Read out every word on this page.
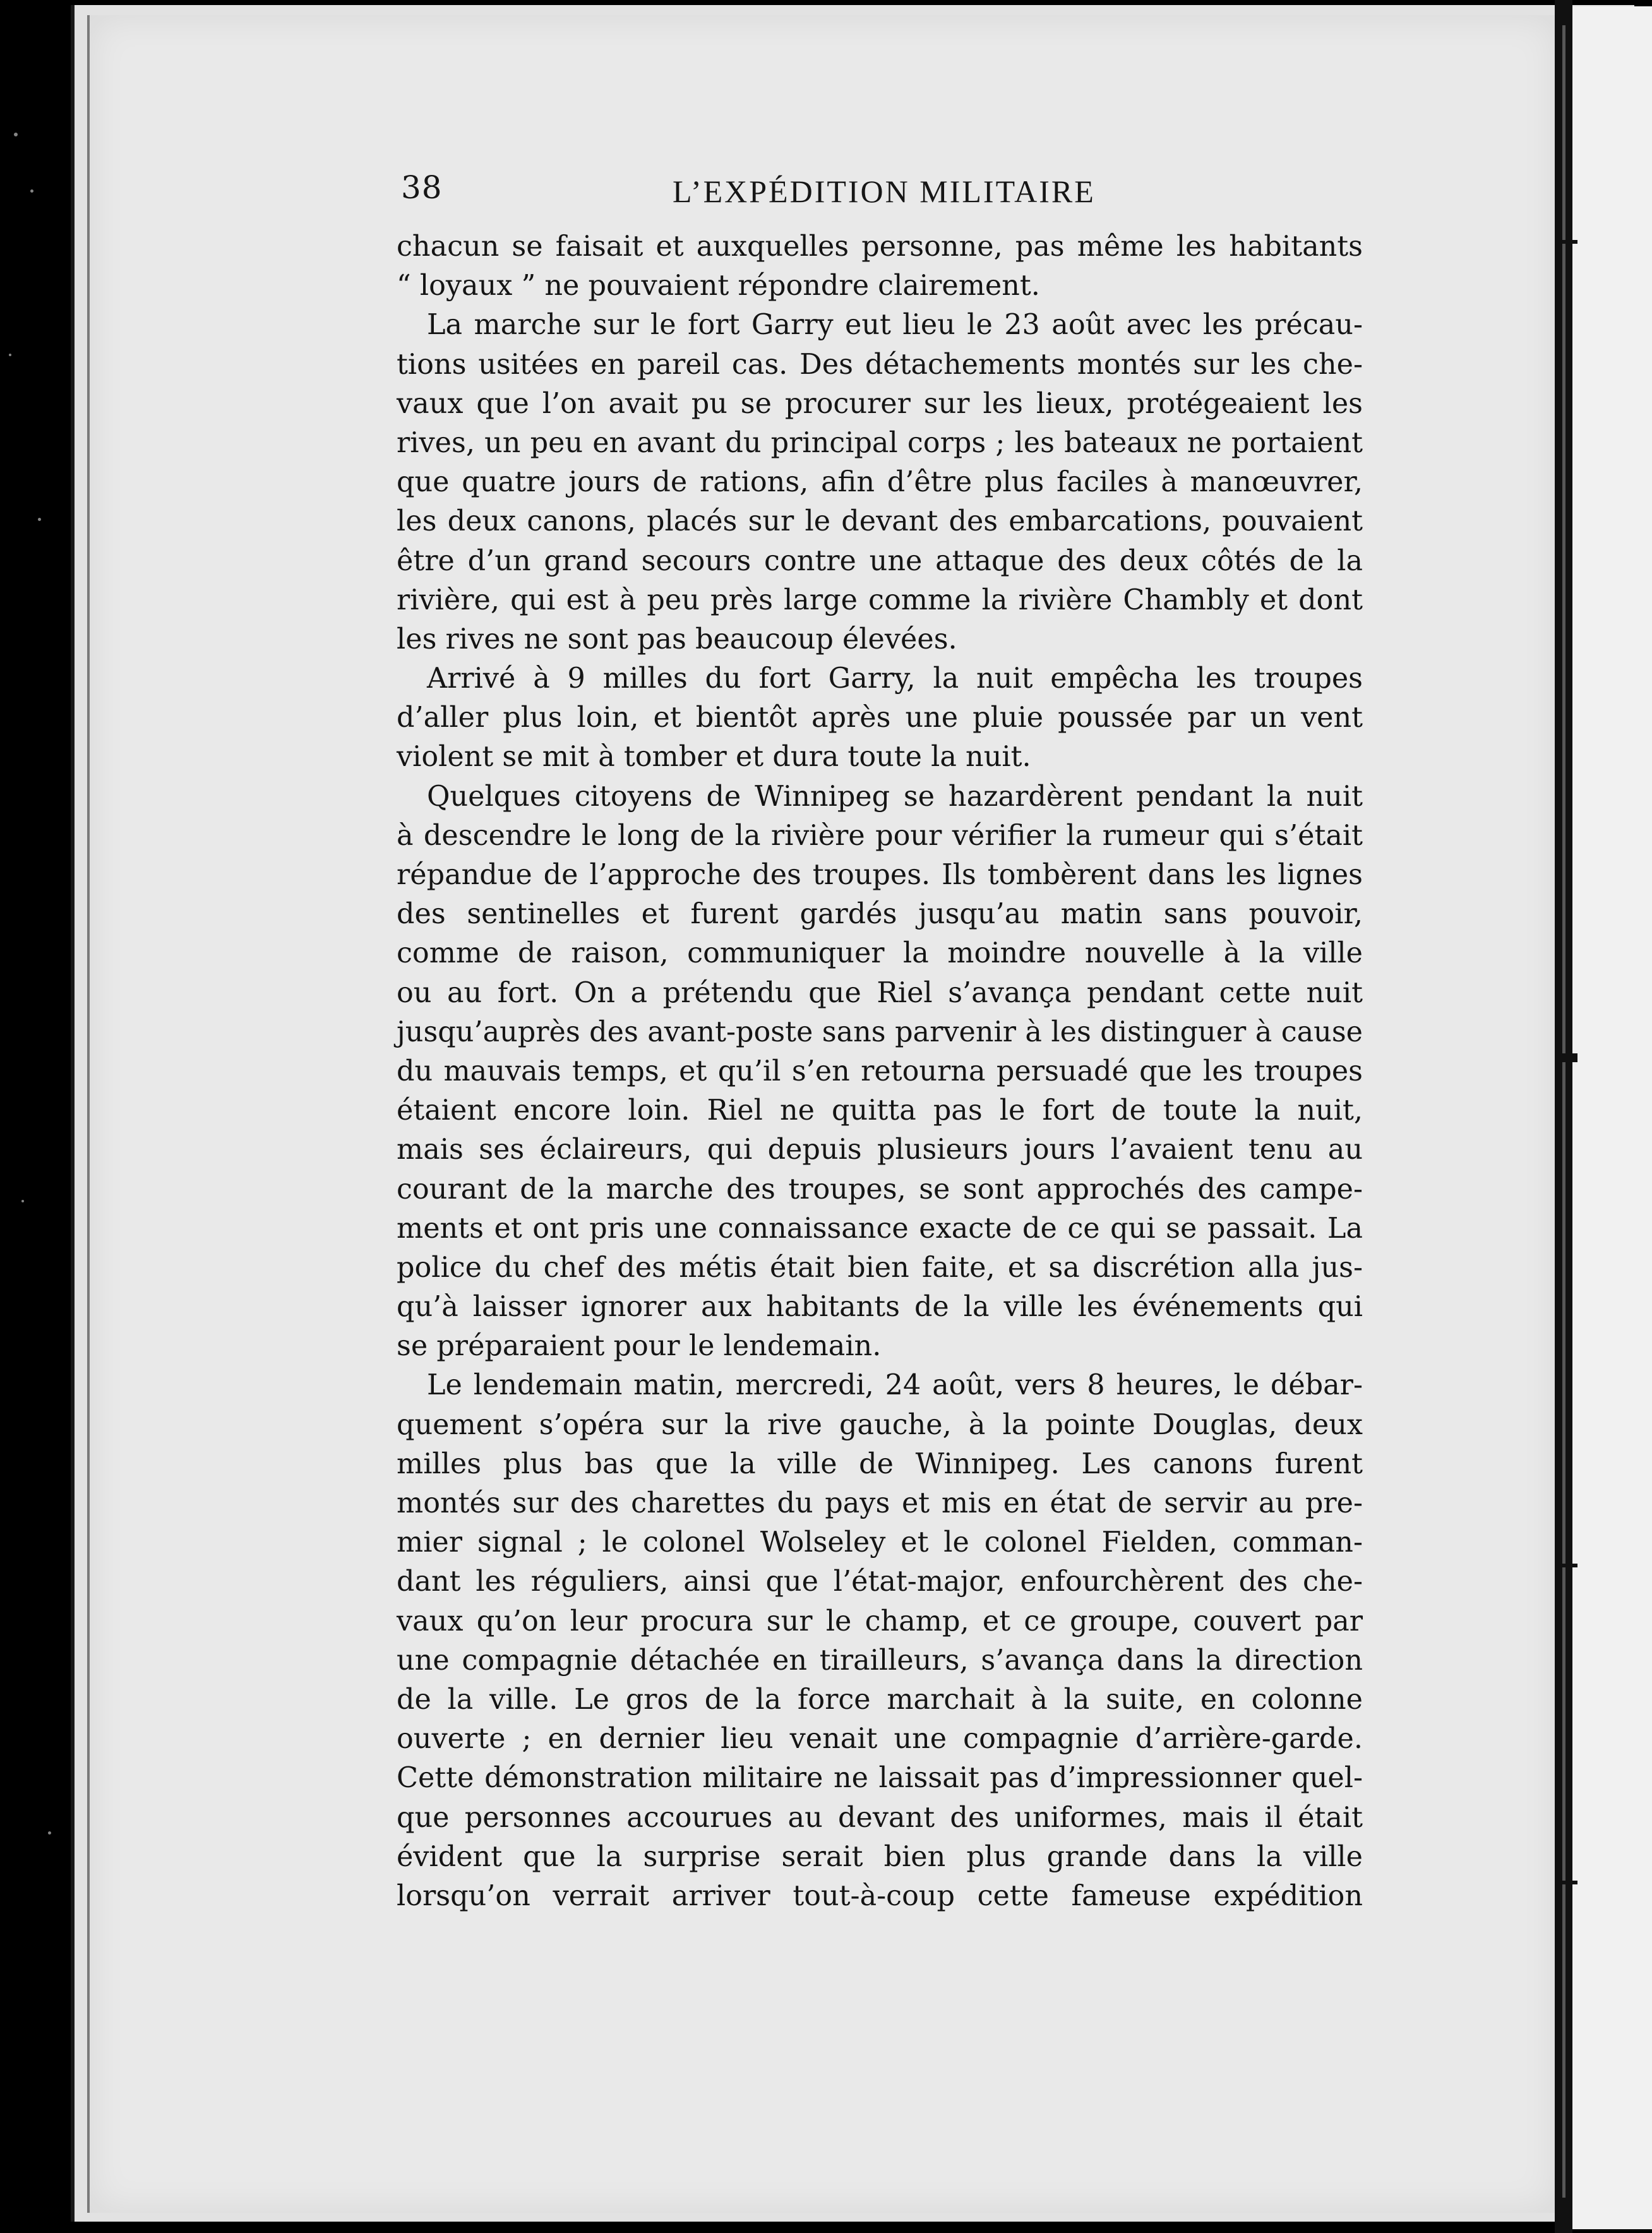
38	L’EXPÉDITION MILITAIRE
chacun se faisait et auxquelles personne, pas même les habitants
“ loyaux ” ne pouvaient répondre clairement.
La marche sur le fort Garry eut lieu le 23 août avec les précau-
tions usitées en pareil cas. Des détachements montés sur les che-
vaux que l’on avait pu se procurer sur les lieux, protégeaient les
rives, un peu en avant du principal corps ; les bateaux ne portaient
que quatre jours de rations, afin d’être plus faciles à manœuvrer,
les deux canons, placés sur le devant des embarcations, pouvaient
être d’un grand secours contre une attaque des deux côtés de la
rivière, qui est à peu près large comme la rivière Chambly et dont
les rives ne sont pas beaucoup élevées.
Arrivé à 9 milles du fort Garry, la nuit empêcha les troupes
d’aller plus loin, et bientôt après une pluie poussée par un vent
violent se mit à tomber et dura toute la nuit.
Quelques citoyens de Winnipeg se hazardèrent pendant la nuit
à descendre le long de la rivière pour vérifier la rumeur qui s’était
répandue de l’approche des troupes. Ils tombèrent dans les lignes
des sentinelles et furent gardés jusqu’au matin sans pouvoir,
comme de raison, communiquer la moindre nouvelle à la ville
ou au fort. On a prétendu que Riel s’avança pendant cette nuit
jusqu’auprès des avant-poste sans parvenir à les distinguer à cause
du mauvais temps, et qu’il s’en retourna persuadé que les troupes
étaient encore loin. Riel ne quitta pas le fort de toute la nuit,
mais ses éclaireurs, qui depuis plusieurs jours l’avaient tenu au
courant de la marche des troupes, se sont approchés des campe-
ments et ont pris une connaissance exacte de ce qui se passait. La
police du chef des métis était bien faite, et sa discrétion alla jus-
qu’à laisser ignorer aux habitants de la ville les événements qui
se préparaient pour le lendemain.
Le lendemain matin, mercredi, 24 août, vers 8 heures, le débar-
quement s’opéra sur la rive gauche, à la pointe Douglas, deux
milles plus bas que la ville de Winnipeg. Les canons furent
montés sur des charettes du pays et mis en état de servir au pre-
mier signal ; le colonel Wolseley et le colonel Fielden, comman-
dant les réguliers, ainsi que l’état-major, enfourchèrent des che-
vaux qu’on leur procura sur le champ, et ce groupe, couvert par
une compagnie détachée en tirailleurs, s’avança dans la direction
de la ville. Le gros de la force marchait à la suite, en colonne
ouverte ; en dernier lieu venait une compagnie d’arrière-garde.
Cette démonstration militaire ne laissait pas d’impressionner quel-
que personnes accourues au devant des uniformes, mais il était
évident que la surprise serait bien plus grande dans la ville
lorsqu’on verrait arriver tout-à-coup cette fameuse expédition
